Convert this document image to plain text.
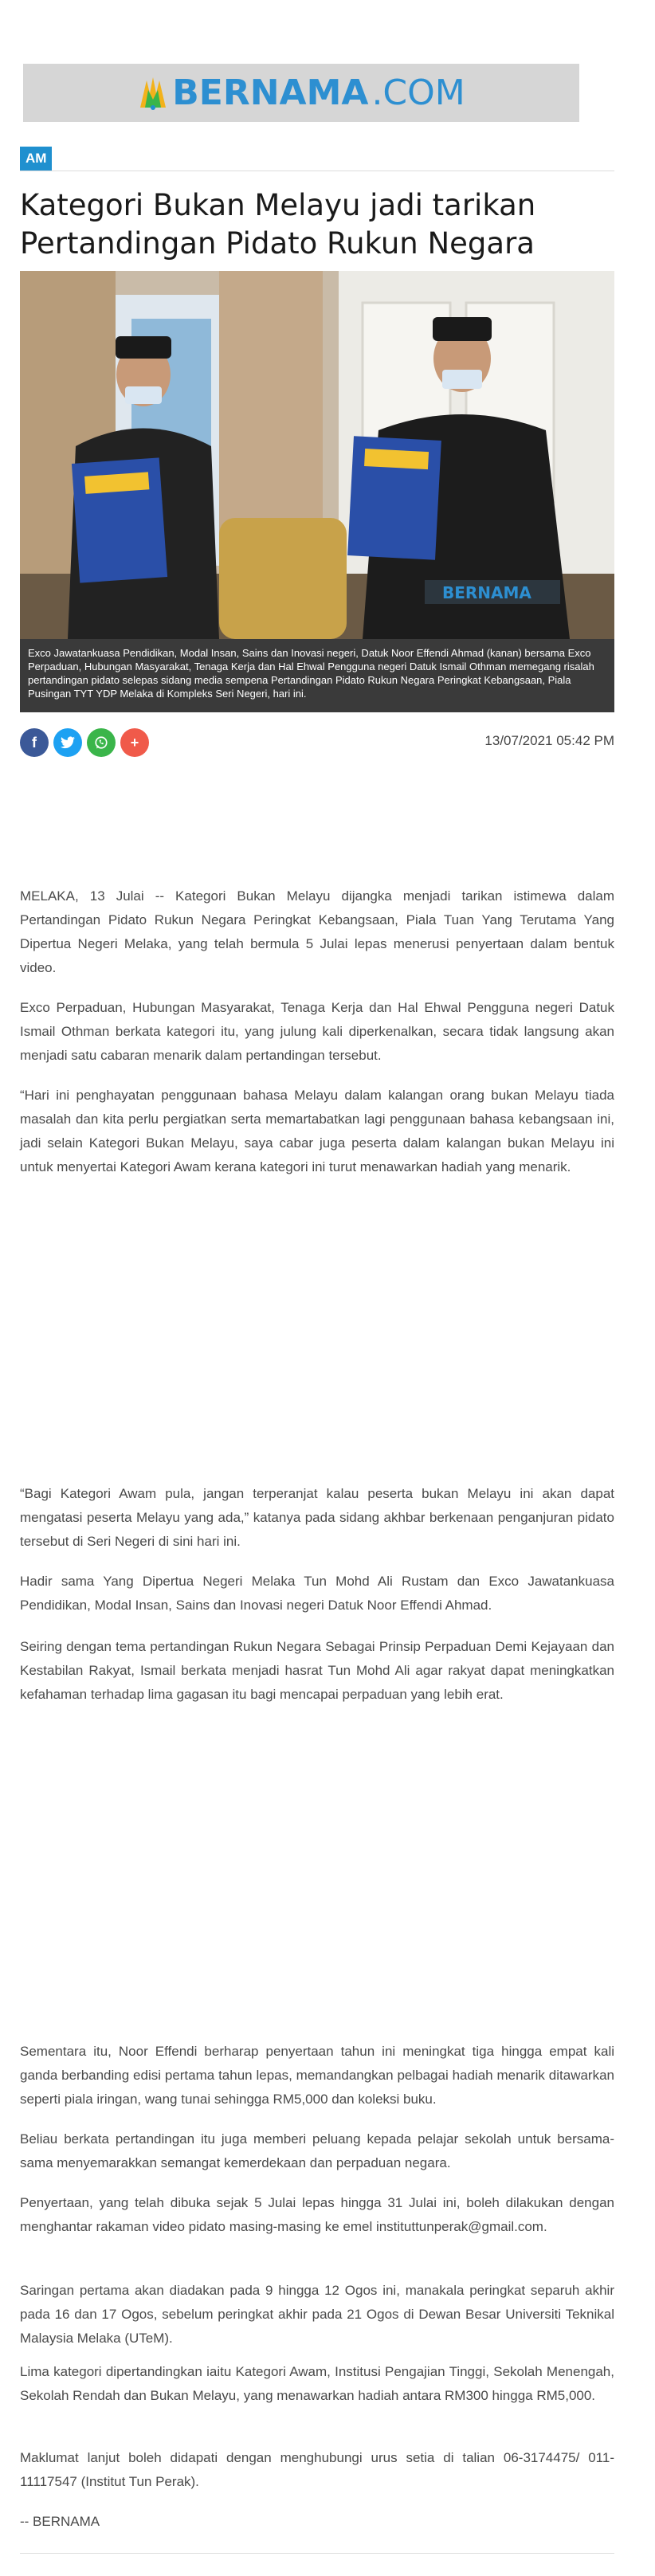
BERNAMA .COM
AM
Kategori Bukan Melayu jadi tarikan Pertandingan Pidato Rukun Negara
BERNAMA
Exco Jawatankuasa Pendidikan, Modal Insan, Sains dan Inovasi negeri, Datuk Noor Effendi Ahmad (kanan) bersama Exco Perpaduan, Hubungan Masyarakat, Tenaga Kerja dan Hal Ehwal Pengguna negeri Datuk Ismail Othman memegang risalah pertandingan pidato selepas sidang media sempena Pertandingan Pidato Rukun Negara Peringkat Kebangsaan, Piala Pusingan TYT YDP Melaka di Kompleks Seri Negeri, hari ini.
f	+	13/07/2021 05:42 PM

MELAKA, 13 Julai -- Kategori Bukan Melayu dijangka menjadi tarikan istimewa dalam Pertandingan Pidato Rukun Negara Peringkat Kebangsaan, Piala Tuan Yang Terutama Yang Dipertua Negeri Melaka, yang telah bermula 5 Julai lepas menerusi penyertaan dalam bentuk video.

Exco Perpaduan, Hubungan Masyarakat, Tenaga Kerja dan Hal Ehwal Pengguna negeri Datuk Ismail Othman berkata kategori itu, yang julung kali diperkenalkan, secara tidak langsung akan menjadi satu cabaran menarik dalam pertandingan tersebut.

“Hari ini penghayatan penggunaan bahasa Melayu dalam kalangan orang bukan Melayu tiada masalah dan kita perlu pergiatkan serta memartabatkan lagi penggunaan bahasa kebangsaan ini, jadi selain Kategori Bukan Melayu, saya cabar juga peserta dalam kalangan bukan Melayu ini untuk menyertai Kategori Awam kerana kategori ini turut menawarkan hadiah yang menarik.

“Bagi Kategori Awam pula, jangan terperanjat kalau peserta bukan Melayu ini akan dapat mengatasi peserta Melayu yang ada,” katanya pada sidang akhbar berkenaan penganjuran pidato tersebut di Seri Negeri di sini hari ini.

Hadir sama Yang Dipertua Negeri Melaka Tun Mohd Ali Rustam dan Exco Jawatankuasa Pendidikan, Modal Insan, Sains dan Inovasi negeri Datuk Noor Effendi Ahmad.

Seiring dengan tema pertandingan Rukun Negara Sebagai Prinsip Perpaduan Demi Kejayaan dan Kestabilan Rakyat, Ismail berkata menjadi hasrat Tun Mohd Ali agar rakyat dapat meningkatkan kefahaman terhadap lima gagasan itu bagi mencapai perpaduan yang lebih erat.

Sementara itu, Noor Effendi berharap penyertaan tahun ini meningkat tiga hingga empat kali ganda berbanding edisi pertama tahun lepas, memandangkan pelbagai hadiah menarik ditawarkan seperti piala iringan, wang tunai sehingga RM5,000 dan koleksi buku.

Beliau berkata pertandingan itu juga memberi peluang kepada pelajar sekolah untuk bersama-sama menyemarakkan semangat kemerdekaan dan perpaduan negara.

Penyertaan, yang telah dibuka sejak 5 Julai lepas hingga 31 Julai ini, boleh dilakukan dengan menghantar rakaman video pidato masing-masing ke emel instituttunperak@gmail.com.

Saringan pertama akan diadakan pada 9 hingga 12 Ogos ini, manakala peringkat separuh akhir pada 16 dan 17 Ogos, sebelum peringkat akhir pada 21 Ogos di Dewan Besar Universiti Teknikal Malaysia Melaka (UTeM).

Lima kategori dipertandingkan iaitu Kategori Awam, Institusi Pengajian Tinggi, Sekolah Menengah, Sekolah Rendah dan Bukan Melayu, yang menawarkan hadiah antara RM300 hingga RM5,000.

Maklumat lanjut boleh didapati dengan menghubungi urus setia di talian 06-3174475/ 011-11117547 (Institut Tun Perak).

-- BERNAMA
